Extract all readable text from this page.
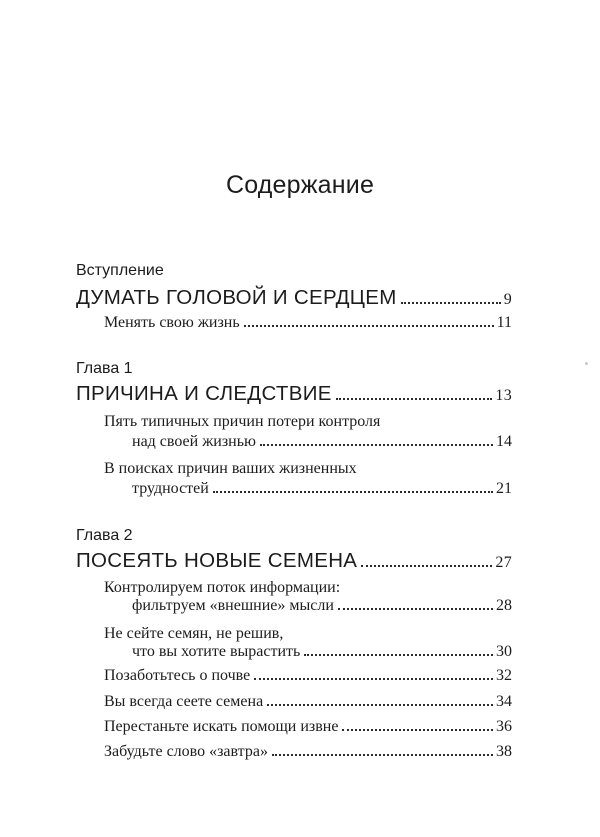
Содержание
Вступление
ДУМАТЬ ГОЛОВОЙ И СЕРДЦЕМ	9
Менять свою жизнь	11
Глава 1
ПРИЧИНА И СЛЕДСТВИЕ	13
Пять типичных причин потери контроля
над своей жизнью	14
В поисках причин ваших жизненных
трудностей	21
Глава 2
ПОСЕЯТЬ НОВЫЕ СЕМЕНА	27
Контролируем поток информации:
фильтруем «внешние» мысли	28
Не сейте семян, не решив,
что вы хотите вырастить	30
Позаботьтесь о почве	32
Вы всегда сеете семена	34
Перестаньте искать помощи извне	36
Забудьте слово «завтра»	38
